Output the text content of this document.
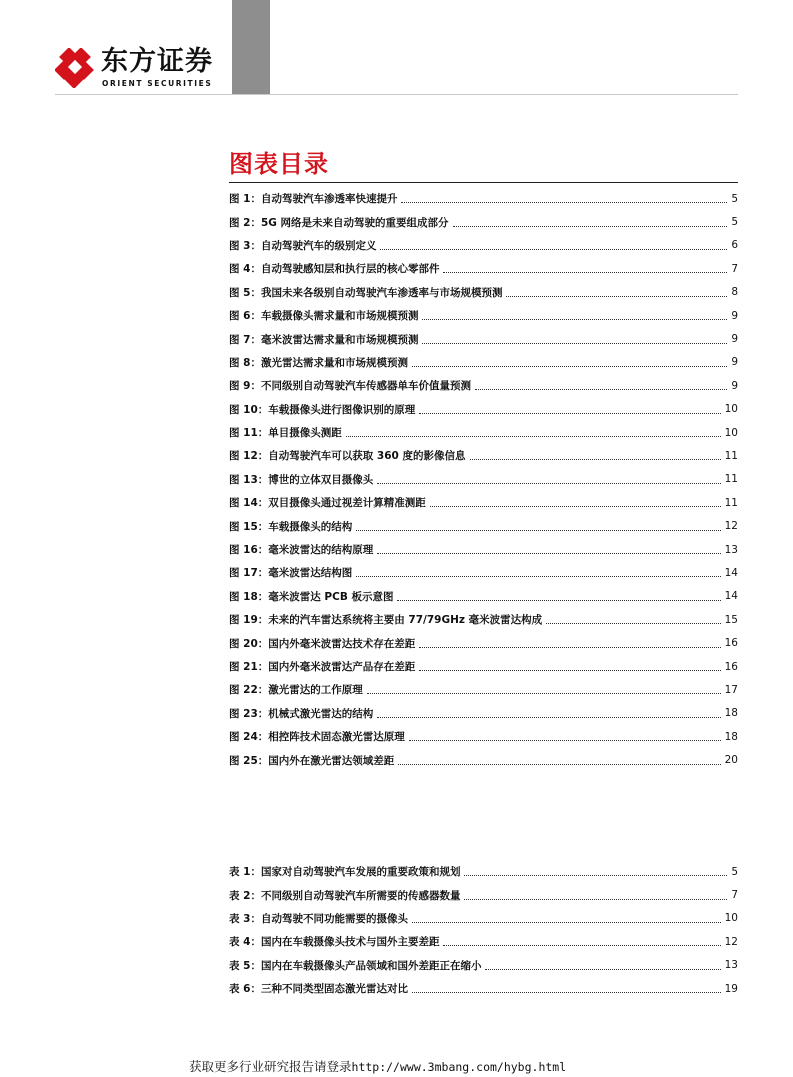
东方证券
ORIENT SECURITIES
图表目录
图 1：自动驾驶汽车渗透率快速提升	5
图 2：5G 网络是未来自动驾驶的重要组成部分	5
图 3：自动驾驶汽车的级别定义	6
图 4：自动驾驶感知层和执行层的核心零部件	7
图 5：我国未来各级别自动驾驶汽车渗透率与市场规模预测	8
图 6：车载摄像头需求量和市场规模预测	9
图 7：毫米波雷达需求量和市场规模预测	9
图 8：激光雷达需求量和市场规模预测	9
图 9：不同级别自动驾驶汽车传感器单车价值量预测	9
图 10：车载摄像头进行图像识别的原理	10
图 11：单目摄像头测距	10
图 12：自动驾驶汽车可以获取 360 度的影像信息	11
图 13：博世的立体双目摄像头	11
图 14：双目摄像头通过视差计算精准测距	11
图 15：车载摄像头的结构	12
图 16：毫米波雷达的结构原理	13
图 17：毫米波雷达结构图	14
图 18：毫米波雷达 PCB 板示意图	14
图 19：未来的汽车雷达系统将主要由 77/79GHz 毫米波雷达构成	15
图 20：国内外毫米波雷达技术存在差距	16
图 21：国内外毫米波雷达产品存在差距	16
图 22：激光雷达的工作原理	17
图 23：机械式激光雷达的结构	18
图 24：相控阵技术固态激光雷达原理	18
图 25：国内外在激光雷达领域差距	20
表 1：国家对自动驾驶汽车发展的重要政策和规划	5
表 2：不同级别自动驾驶汽车所需要的传感器数量	7
表 3：自动驾驶不同功能需要的摄像头	10
表 4：国内在车载摄像头技术与国外主要差距	12
表 5：国内在车载摄像头产品领域和国外差距正在缩小	13
表 6：三种不同类型固态激光雷达对比	19
获取更多行业研究报告请登录http://www.3mbang.com/hybg.html
